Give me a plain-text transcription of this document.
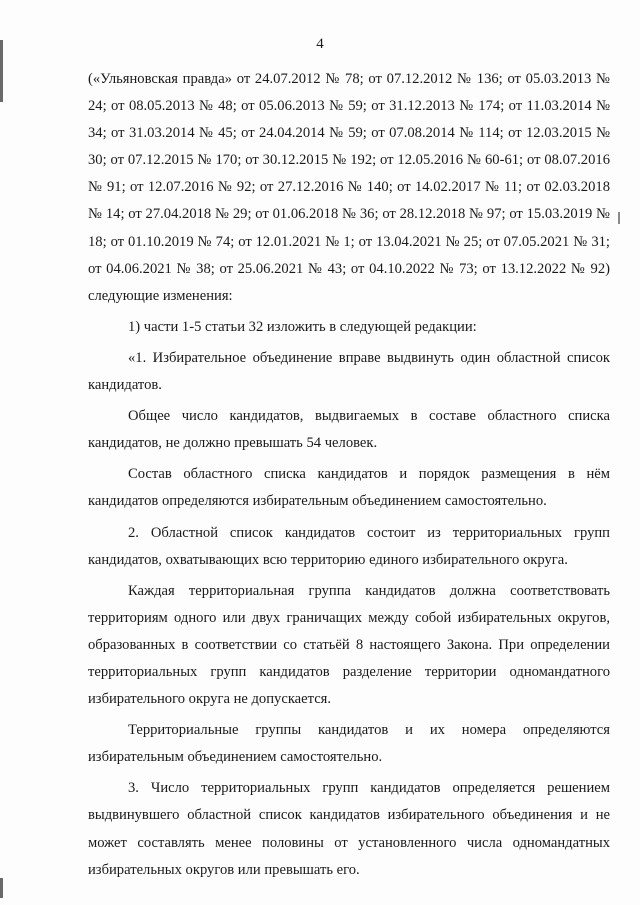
4

(«Ульяновская правда» от 24.07.2012 № 78; от 07.12.2012 № 136; от 05.03.2013 № 24; от 08.05.2013 № 48; от 05.06.2013 № 59; от 31.12.2013 № 174; от 11.03.2014 № 34; от 31.03.2014 № 45; от 24.04.2014 № 59; от 07.08.2014 № 114; от 12.03.2015 № 30; от 07.12.2015 № 170; от 30.12.2015 № 192; от 12.05.2016 № 60-61; от 08.07.2016 № 91; от 12.07.2016 № 92; от 27.12.2016 № 140; от 14.02.2017 № 11; от 02.03.2018 № 14; от 27.04.2018 № 29; от 01.06.2018 № 36; от 28.12.2018 № 97; от 15.03.2019 № 18; от 01.10.2019 № 74; от 12.01.2021 № 1; от 13.04.2021 № 25; от 07.05.2021 № 31; от 04.06.2021 № 38; от 25.06.2021 № 43; от 04.10.2022 № 73; от 13.12.2022 № 92) следующие изменения:

1) части 1-5 статьи 32 изложить в следующей редакции:

«1. Избирательное объединение вправе выдвинуть один областной список кандидатов.

Общее число кандидатов, выдвигаемых в составе областного списка кандидатов, не должно превышать 54 человек.

Состав областного списка кандидатов и порядок размещения в нём кандидатов определяются избирательным объединением самостоятельно.

2. Областной список кандидатов состоит из территориальных групп кандидатов, охватывающих всю территорию единого избирательного округа.

Каждая территориальная группа кандидатов должна соответствовать территориям одного или двух граничащих между собой избирательных округов, образованных в соответствии со статьёй 8 настоящего Закона. При определении территориальных групп кандидатов разделение территории одномандатного избирательного округа не допускается.

Территориальные группы кандидатов и их номера определяются избирательным объединением самостоятельно.

3. Число территориальных групп кандидатов определяется решением выдвинувшего областной список кандидатов избирательного объединения и не может составлять менее половины от установленного числа одномандатных избирательных округов или превышать его.
